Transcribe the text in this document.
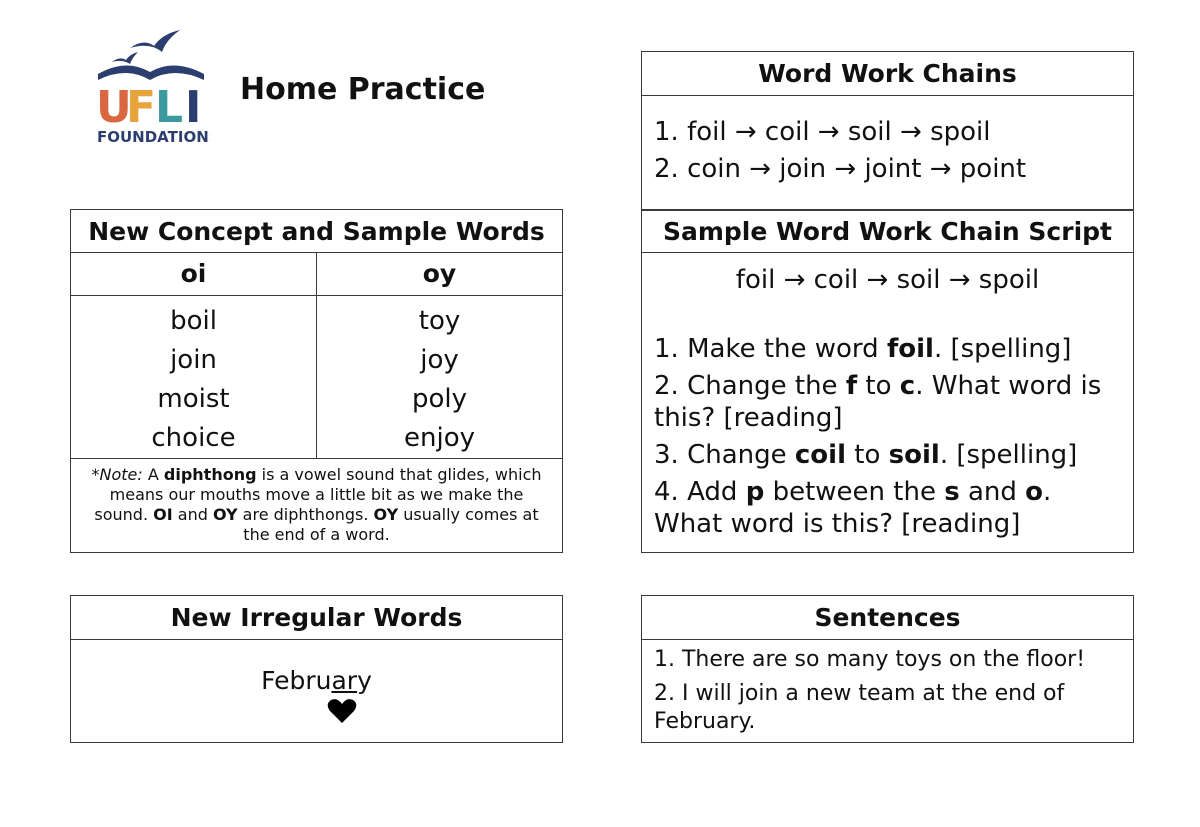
U
F
L I
FOUNDATIONS
Home Practice
New Concept and Sample Words
oi	oy
boil
join
moist
choice
toy
joy
poly
enjoy
*Note: A diphthong is a vowel sound that glides, which means our mouths move a little bit as we make the sound. OI and OY are diphthongs. OY usually comes at the end of a word.
New Irregular Words
February
Word Work Chains
1. foil → coil → soil → spoil
2. coin → join → joint → point
Sample Word Work Chain Script
foil → coil → soil → spoil
1. Make the word foil. [spelling]
2. Change the f to c. What word is this? [reading]
3. Change coil to soil. [spelling]
4. Add p between the s and o. What word is this? [reading]
Sentences
1. There are so many toys on the floor!
2. I will join a new team at the end of February.
